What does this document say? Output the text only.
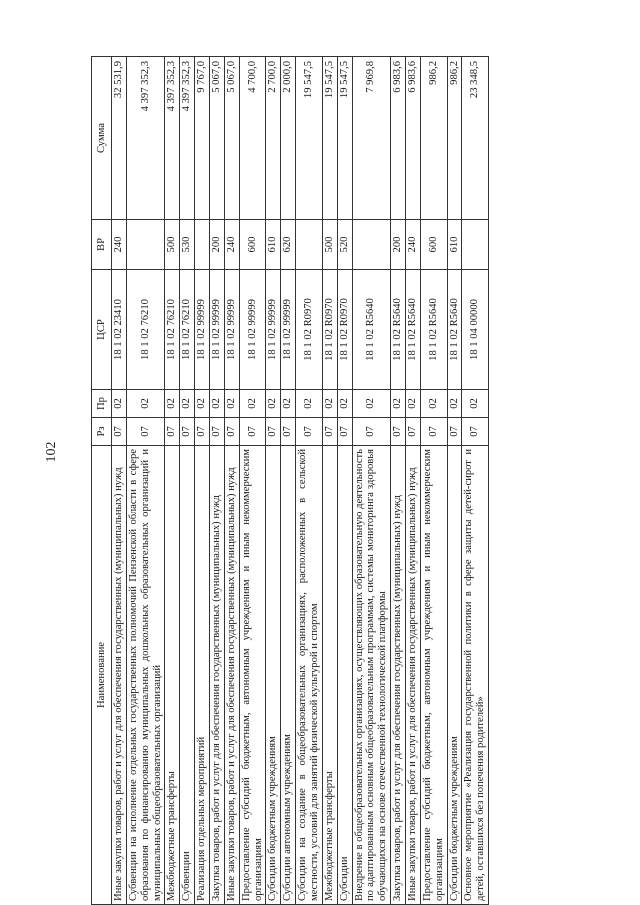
102
Наименование	Рз	Пр	ЦСР	ВР	Сумма
Иные закупки товаров, работ и услуг для обеспечения государственных (муниципальных) нужд	07	02	18 1 02 23410	240	32 531,9
Субвенции на исполнение отдельных государственных полномочий Пензенской области в сфере образования по финансированию муниципальных дошкольных образовательных организаций и муниципальных общеобразовательных организаций	07	02	18 1 02 76210		4 397 352,3
Межбюджетные трансферты	07	02	18 1 02 76210	500	4 397 352,3
Субвенции	07	02	18 1 02 76210	530	4 397 352,3
Реализация отдельных мероприятий	07	02	18 1 02 99999		9 767,0
Закупка товаров, работ и услуг для обеспечения государственных (муниципальных) нужд	07	02	18 1 02 99999	200	5 067,0
Иные закупки товаров, работ и услуг для обеспечения государственных (муниципальных) нужд	07	02	18 1 02 99999	240	5 067,0
Предоставление субсидий бюджетным, автономным учреждениям и иным некоммерческим организациям	07	02	18 1 02 99999	600	4 700,0
Субсидии бюджетным учреждениям	07	02	18 1 02 99999	610	2 700,0
Субсидии автономным учреждениям	07	02	18 1 02 99999	620	2 000,0
Субсидии на создание в общеобразовательных организациях, расположенных в сельской местности, условий для занятий физической культурой и спортом	07	02	18 1 02 R0970		19 547,5
Межбюджетные трансферты	07	02	18 1 02 R0970	500	19 547,5
Субсидии	07	02	18 1 02 R0970	520	19 547,5
Внедрение в общеобразовательных организациях, осуществляющих образовательную деятельность по адаптированным основным общеобразовательным программам, системы мониторинга здоровья обучающихся на основе отечественной технологической платформы	07	02	18 1 02 R5640		7 969,8
Закупка товаров, работ и услуг для обеспечения государственных (муниципальных) нужд	07	02	18 1 02 R5640	200	6 983,6
Иные закупки товаров, работ и услуг для обеспечения государственных (муниципальных) нужд	07	02	18 1 02 R5640	240	6 983,6
Предоставление субсидий бюджетным, автономным учреждениям и иным некоммерческим организациям	07	02	18 1 02 R5640	600	986,2
Субсидии бюджетным учреждениям	07	02	18 1 02 R5640	610	986,2
Основное мероприятие «Реализация государственной политики в сфере защиты детей-сирот и детей, оставшихся без попечения родителей»	07	02	18 1 04 00000		23 348,5
